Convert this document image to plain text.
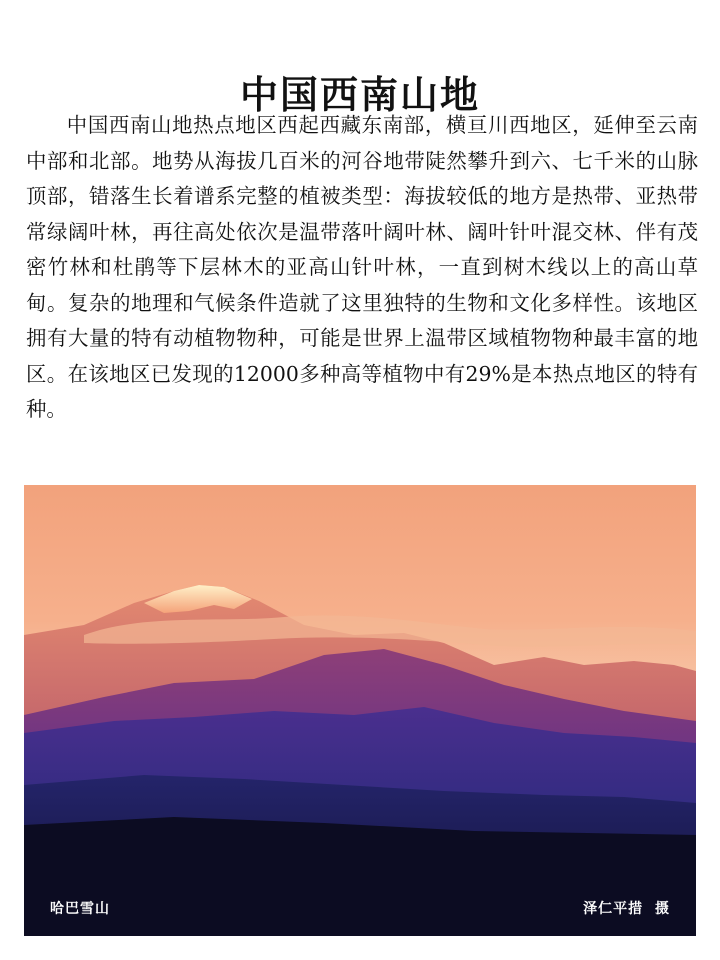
中国西南山地

中国西南山地热点地区西起西藏东南部，横亘川西地区，延伸至云南中部和北部。地势从海拔几百米的河谷地带陡然攀升到六、七千米的山脉顶部，错落生长着谱系完整的植被类型：海拔较低的地方是热带、亚热带常绿阔叶林，再往高处依次是温带落叶阔叶林、阔叶针叶混交林、伴有茂密竹林和杜鹃等下层林木的亚高山针叶林，一直到树木线以上的高山草甸。复杂的地理和气候条件造就了这里独特的生物和文化多样性。该地区拥有大量的特有动植物物种，可能是世界上温带区域植物物种最丰富的地区。在该地区已发现的12000多种高等植物中有29%是本热点地区的特有种。

哈巴雪山	泽仁平措 摄
